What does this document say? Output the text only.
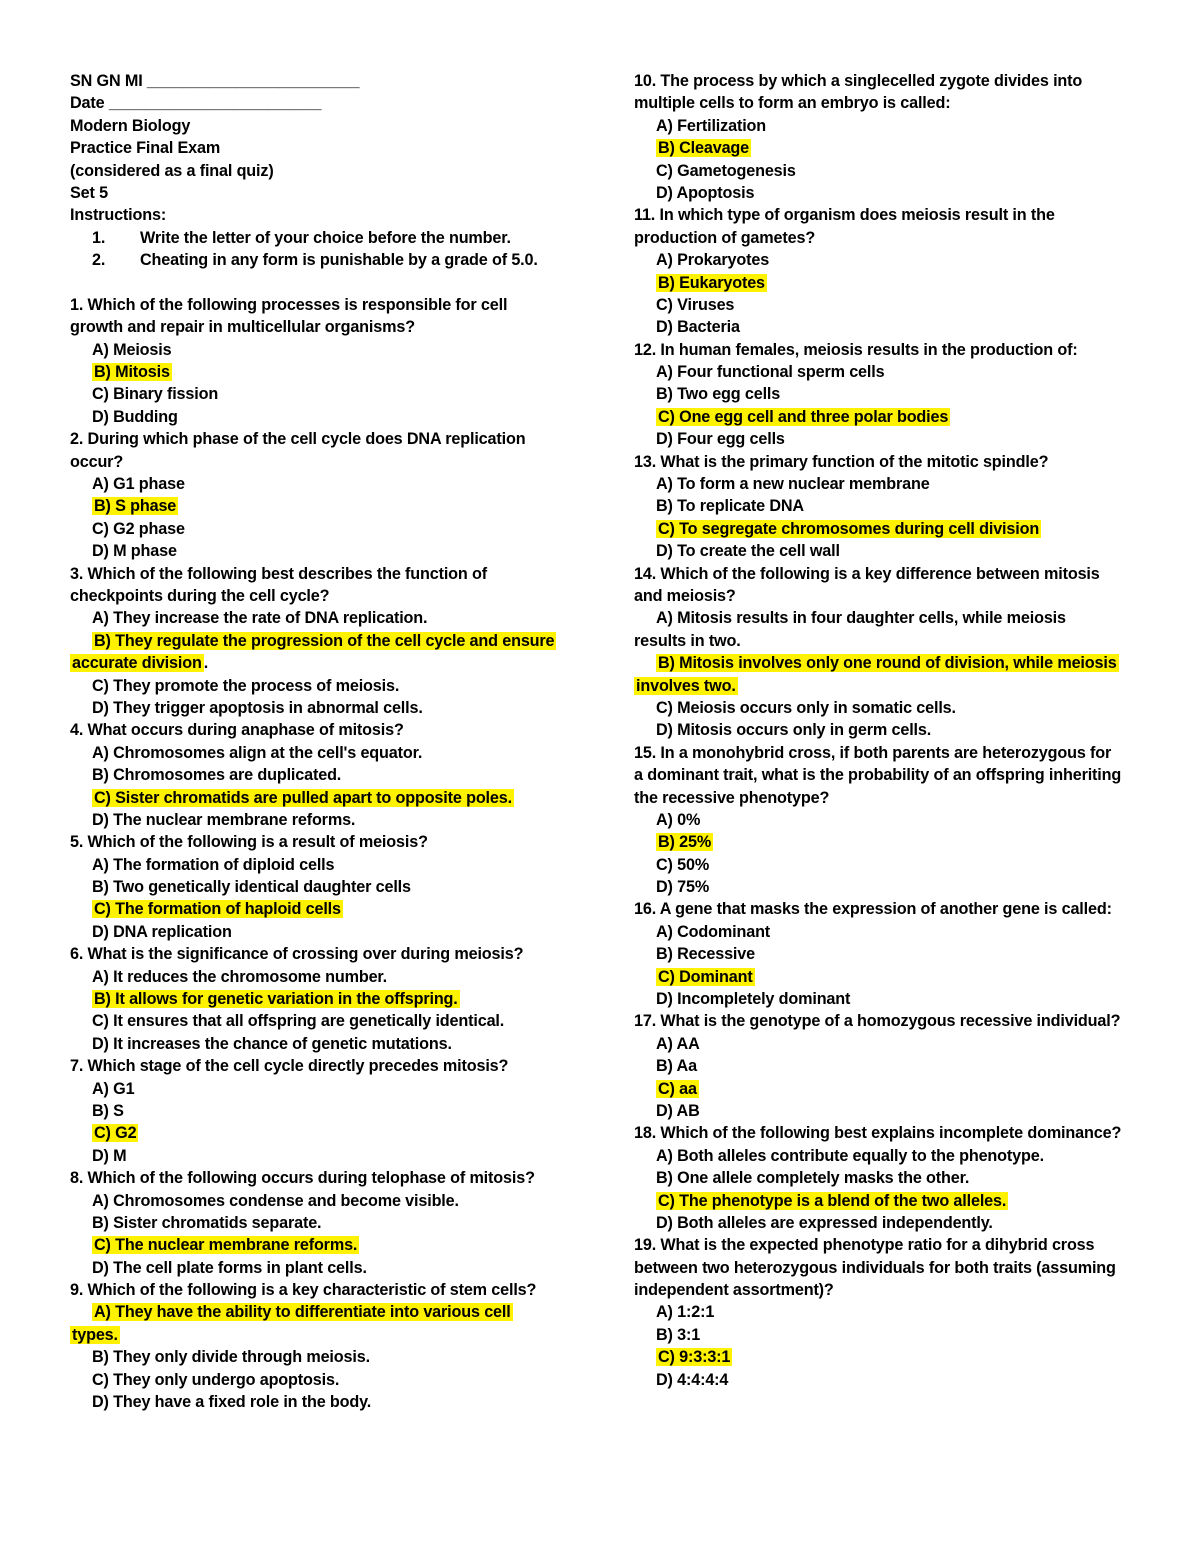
SN GN MI ________________________
Date ________________________
Modern Biology
Practice Final Exam
(considered as a final quiz)
Set 5
Instructions:
1. Write the letter of your choice before the number.
2. Cheating in any form is punishable by a grade of 5.0.
1. Which of the following processes is responsible for cell
growth and repair in multicellular organisms?
A) Meiosis
B) Mitosis
C) Binary fission
D) Budding
2. During which phase of the cell cycle does DNA replication
occur?
A) G1 phase
B) S phase
C) G2 phase
D) M phase
3. Which of the following best describes the function of
checkpoints during the cell cycle?
A) They increase the rate of DNA replication.
B) They regulate the progression of the cell cycle and ensure
accurate division .
C) They promote the process of meiosis.
D) They trigger apoptosis in abnormal cells.
4. What occurs during anaphase of mitosis?
A) Chromosomes align at the cell's equator.
B) Chromosomes are duplicated.
C) Sister chromatids are pulled apart to opposite poles.
D) The nuclear membrane reforms.
5. Which of the following is a result of meiosis?
A) The formation of diploid cells
B) Two genetically identical daughter cells
C) The formation of haploid cells
D) DNA replication
6. What is the significance of crossing over during meiosis?
A) It reduces the chromosome number.
B) It allows for genetic variation in the offspring.
C) It ensures that all offspring are genetically identical.
D) It increases the chance of genetic mutations.
7. Which stage of the cell cycle directly precedes mitosis?
A) G1
B) S
C) G2
D) M
8. Which of the following occurs during telophase of mitosis?
A) Chromosomes condense and become visible.
B) Sister chromatids separate.
C) The nuclear membrane reforms.
D) The cell plate forms in plant cells.
9. Which of the following is a key characteristic of stem cells?
A) They have the ability to differentiate into various cell
types.
B) They only divide through meiosis.
C) They only undergo apoptosis.
D) They have a fixed role in the body.
10. The process by which a singlecelled zygote divides into
multiple cells to form an embryo is called:
A) Fertilization
B) Cleavage
C) Gametogenesis
D) Apoptosis
11. In which type of organism does meiosis result in the
production of gametes?
A) Prokaryotes
B) Eukaryotes
C) Viruses
D) Bacteria
12. In human females, meiosis results in the production of:
A) Four functional sperm cells
B) Two egg cells
C) One egg cell and three polar bodies
D) Four egg cells
13. What is the primary function of the mitotic spindle?
A) To form a new nuclear membrane
B) To replicate DNA
C) To segregate chromosomes during cell division
D) To create the cell wall
14. Which of the following is a key difference between mitosis
and meiosis?
A) Mitosis results in four daughter cells, while meiosis
results in two.
B) Mitosis involves only one round of division, while meiosis
involves two.
C) Meiosis occurs only in somatic cells.
D) Mitosis occurs only in germ cells.
15. In a monohybrid cross, if both parents are heterozygous for
a dominant trait, what is the probability of an offspring inheriting
the recessive phenotype?
A) 0%
B) 25%
C) 50%
D) 75%
16. A gene that masks the expression of another gene is called:
A) Codominant
B) Recessive
C) Dominant
D) Incompletely dominant
17. What is the genotype of a homozygous recessive individual?
A) AA
B) Aa
C) aa
D) AB
18. Which of the following best explains incomplete dominance?
A) Both alleles contribute equally to the phenotype.
B) One allele completely masks the other.
C) The phenotype is a blend of the two alleles.
D) Both alleles are expressed independently.
19. What is the expected phenotype ratio for a dihybrid cross
between two heterozygous individuals for both traits (assuming
independent assortment)?
A) 1:2:1
B) 3:1
C) 9:3:3:1
D) 4:4:4:4
